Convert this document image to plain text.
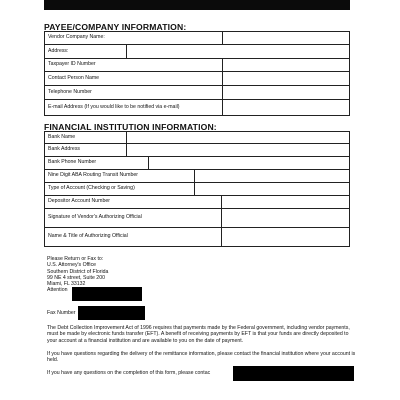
PAYEE/COMPANY INFORMATION:
Vendor Company Name:		
Address:		
Taxpayer ID Number		
Contact Person Name		
Telephone Number		
E-mail Address (If you would like to be notified via e-mail)		
FINANCIAL INSTITUTION INFORMATION:
Bank Name				
Bank Address				
Bank Phone Number				
Nine Digit ABA Routing Transit Number				
Type of Account (Checking or Saving)				
Depositor Account Number				
Signature of Vendor's Authorizing Official				
Name & Title of Authorizing Official				
Please Return or Fax to:
U.S. Attorney's Office
Southern District of Florida
99 NE 4 street, Suite 200
Miami, FL 33132
Attention
Fax Number
The Debt Collection Improvement Act of 1996 requires that payments made by the Federal government, including vendor payments, must be made by electronic funds transfer (EFT). A benefit of receiving payments by EFT is that your funds are directly deposited to your account at a financial institution and are available to you on the date of payment.
If you have questions regarding the delivery of the remittance information, please contact the financial institution where your account is held.
If you have any questions on the completion of this form, please contac
